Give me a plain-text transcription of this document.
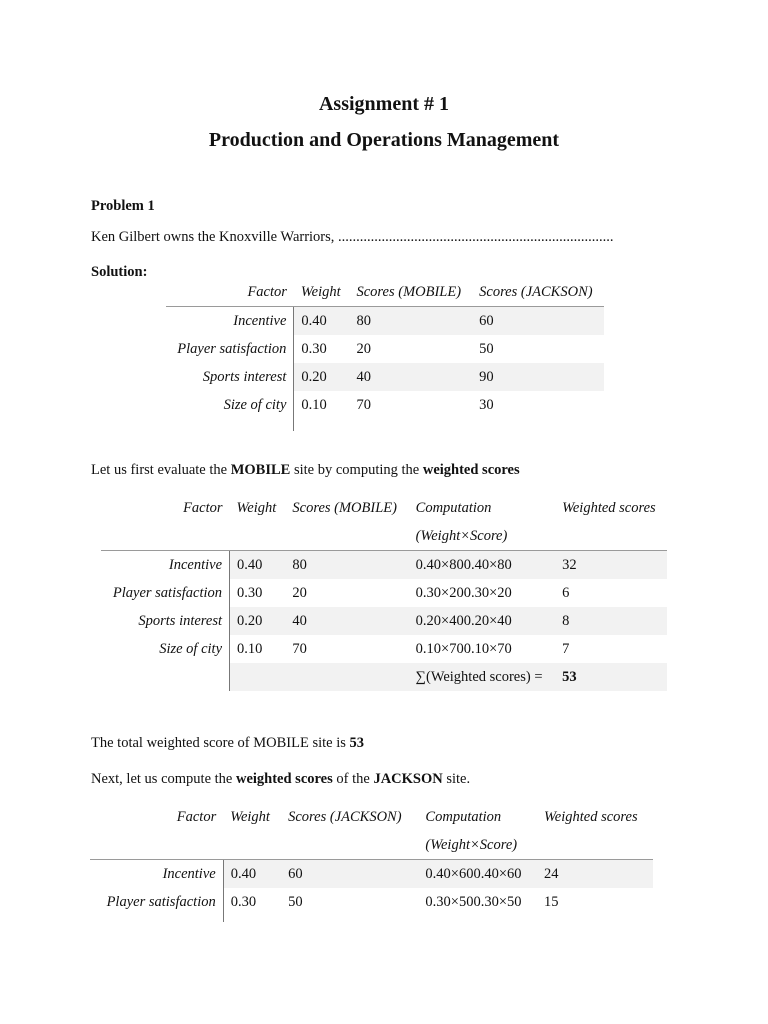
Assignment # 1
Production and Operations Management
Problem 1
Ken Gilbert owns the Knoxville Warriors, ............................................................................
Solution:
Factor	Weight	Scores (MOBILE)	Scores (JACKSON)
Incentive	0.40	80	60
Player satisfaction	0.30	20	50
Sports interest	0.20	40	90
Size of city	0.10	70	30

Let us first evaluate the MOBILE site by computing the weighted scores
Factor	Weight	Scores (MOBILE)	Computation	Weighted scores
			(Weight×Score)	
Incentive	0.40	80	0.40×800.40×80	32
Player satisfaction	0.30	20	0.30×200.30×20	6
Sports interest	0.20	40	0.20×400.20×40	8
Size of city	0.10	70	0.10×700.10×70	7
			∑(Weighted scores) =	53
The total weighted score of MOBILE site is 53
Next, let us compute the weighted scores of the JACKSON site.
Factor	Weight	Scores (JACKSON)	Computation	Weighted scores
			(Weight×Score)	
Incentive	0.40	60	0.40×600.40×60	24
Player satisfaction	0.30	50	0.30×500.30×50	15
